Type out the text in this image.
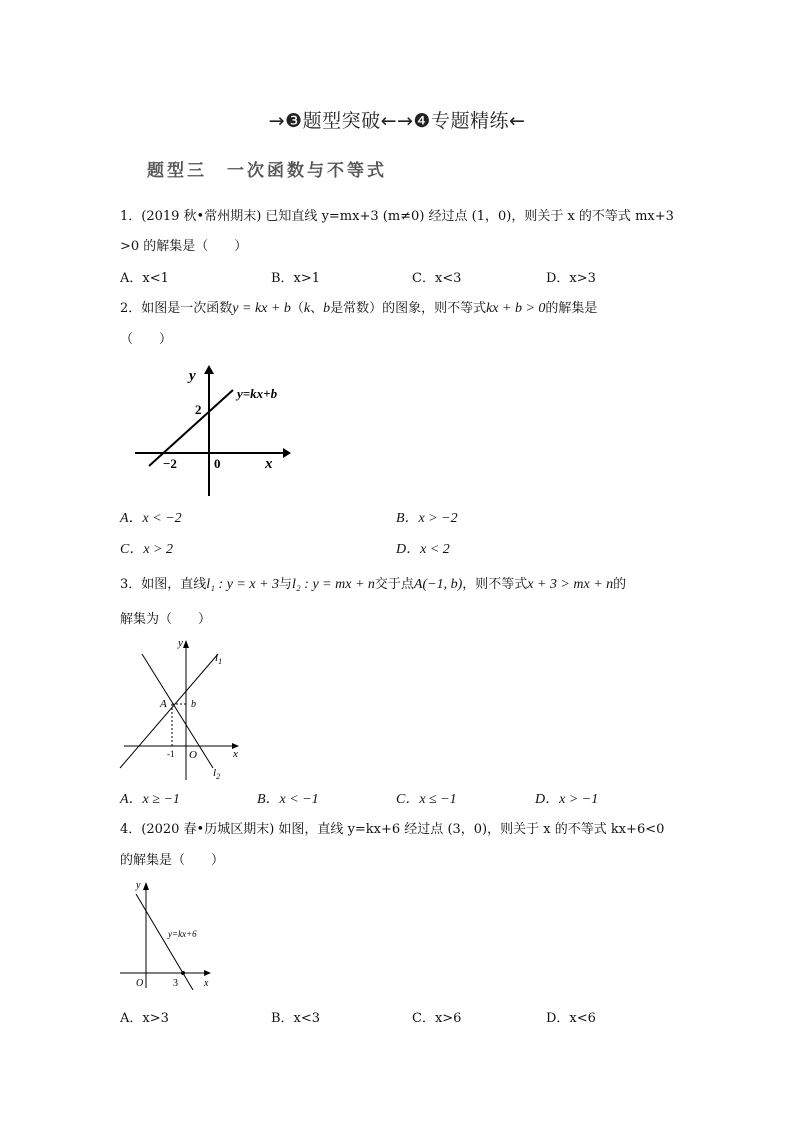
→❸题型突破←→❹专题精练←
题型三　一次函数与不等式
1．(2019 秋•常州期末) 已知直线 y=mx+3 (m≠0) 经过点 (1，0)，则关于 x 的不等式 mx+3
>0 的解集是（　　）
A．x<1	B．x>1	C．x<3	D．x>3
2．如图是一次函数y = kx + b（k、b是常数）的图象，则不等式kx + b > 0的解集是
（　　）
y
x
y=kx+b
2
−2	0
A．x < −2	B．x > −2
C．x > 2	D．x < 2
3．如图，直线l₁ : y = x + 3与l₂ : y = mx + n交于点A(−1, b)，则不等式x + 3 > mx + n的
解集为（　　）
y
x
$l_1$
$l_2$
A b
-1 O
A．x ≥ −1	B．x < −1	C．x ≤ −1	D．x > −1
4．(2020 春•历城区期末) 如图，直线 y=kx+6 经过点 (3，0)，则关于 x 的不等式 kx+6<0
的解集是（　　）
y
x
y=kx+6
O	3
A．x>3	B．x<3	C．x>6	D．x<6
